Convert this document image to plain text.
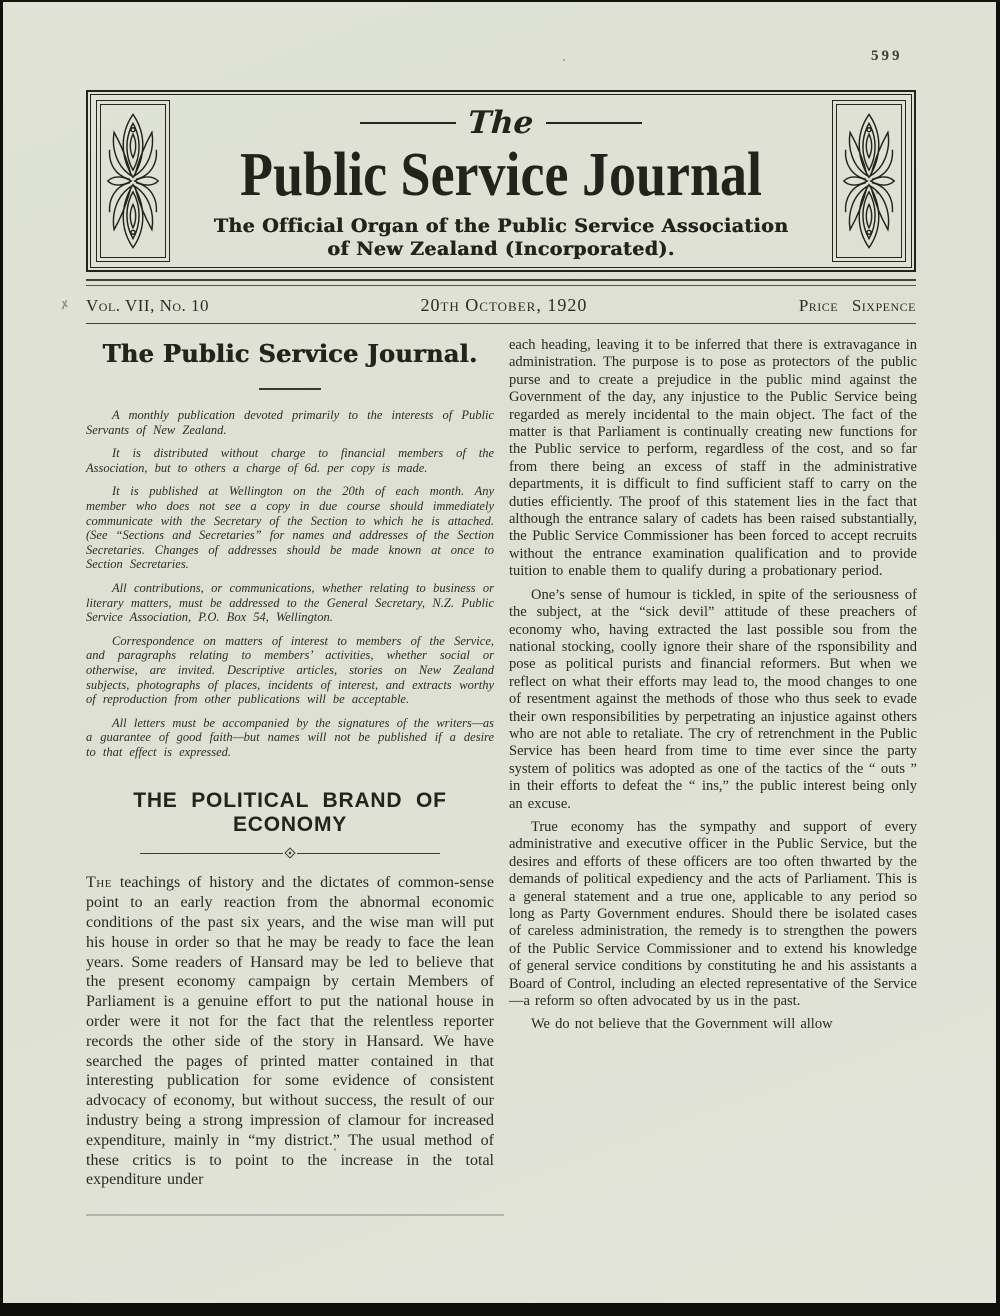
599
The
Public Service Journal
The Official Organ of the Public Service Association
of New Zealand (Incorporated).
✗ Vol. VII, No. 10	20th October, 1920	Price Sixpence
The Public Service Journal.

A monthly publication devoted primarily to the interests of Public Servants of New Zealand.

It is distributed without charge to financial members of the Association, but to others a charge of 6d. per copy is made.

It is published at Wellington on the 20th of each month. Any member who does not see a copy in due course should immediately communicate with the Secretary of the Section to which he is attached. (See “Sections and Secretaries” for names and addresses of the Section Secretaries. Changes of addresses should be made known at once to Section Secretaries.

All contributions, or communications, whether relating to business or literary matters, must be addressed to the General Secretary, N.Z. Public Service Association, P.O. Box 54, Wellington.

Correspondence on matters of interest to members of the Service, and paragraphs relating to members’ activities, whether social or otherwise, are invited. Descriptive articles, stories on New Zealand subjects, photographs of places, incidents of interest, and extracts worthy of reproduction from other publications will be acceptable.

All letters must be accompanied by the signatures of the writers—as a guarantee of good faith—but names will not be published if a desire to that effect is expressed.

THE POLITICAL BRAND OF ECONOMY

The teachings of history and the dictates of common-sense point to an early reaction from the abnormal economic conditions of the past six years, and the wise man will put his house in order so that he may be ready to face the lean years. Some readers of Hansard may be led to believe that the present economy campaign by certain Members of Parliament is a genuine effort to put the national house in order were it not for the fact that the relentless reporter records the other side of the story in Hansard. We have searched the pages of printed matter contained in that interesting publication for some evidence of consistent advocacy of economy, but without success, the result of our industry being a strong impression of clamour for increased expenditure, mainly in “my district.” The usual method of these critics is to point to the increase in the total expenditure under

each heading, leaving it to be inferred that there is extravagance in administration. The purpose is to pose as protectors of the public purse and to create a prejudice in the public mind against the Government of the day, any injustice to the Public Service being regarded as merely incidental to the main object. The fact of the matter is that Parliament is continually creating new functions for the Public service to perform, regardless of the cost, and so far from there being an excess of staff in the administrative departments, it is difficult to find sufficient staff to carry on the duties efficiently. The proof of this statement lies in the fact that although the entrance salary of cadets has been raised substantially, the Public Service Commissioner has been forced to accept recruits without the entrance examination qualification and to provide tuition to enable them to qualify during a probationary period.

One’s sense of humour is tickled, in spite of the seriousness of the subject, at the “sick devil” attitude of these preachers of economy who, having extracted the last possible sou from the national stocking, coolly ignore their share of the rsponsibility and pose as political purists and financial reformers. But when we reflect on what their efforts may lead to, the mood changes to one of resentment against the methods of those who thus seek to evade their own responsibilities by perpetrating an injustice against others who are not able to retaliate. The cry of retrenchment in the Public Service has been heard from time to time ever since the party system of politics was adopted as one of the tactics of the “ outs ” in their efforts to defeat the “ ins,” the public interest being only an excuse.

True economy has the sympathy and support of every administrative and executive officer in the Public Service, but the desires and efforts of these officers are too often thwarted by the demands of political expediency and the acts of Parliament. This is a general statement and a true one, applicable to any period so long as Party Government endures. Should there be isolated cases of careless administration, the remedy is to strengthen the powers of the Public Service Commissioner and to extend his knowledge of general service conditions by constituting he and his assistants a Board of Control, including an elected representative of the Service—a reform so often advocated by us in the past.

We do not believe that the Government will allow
